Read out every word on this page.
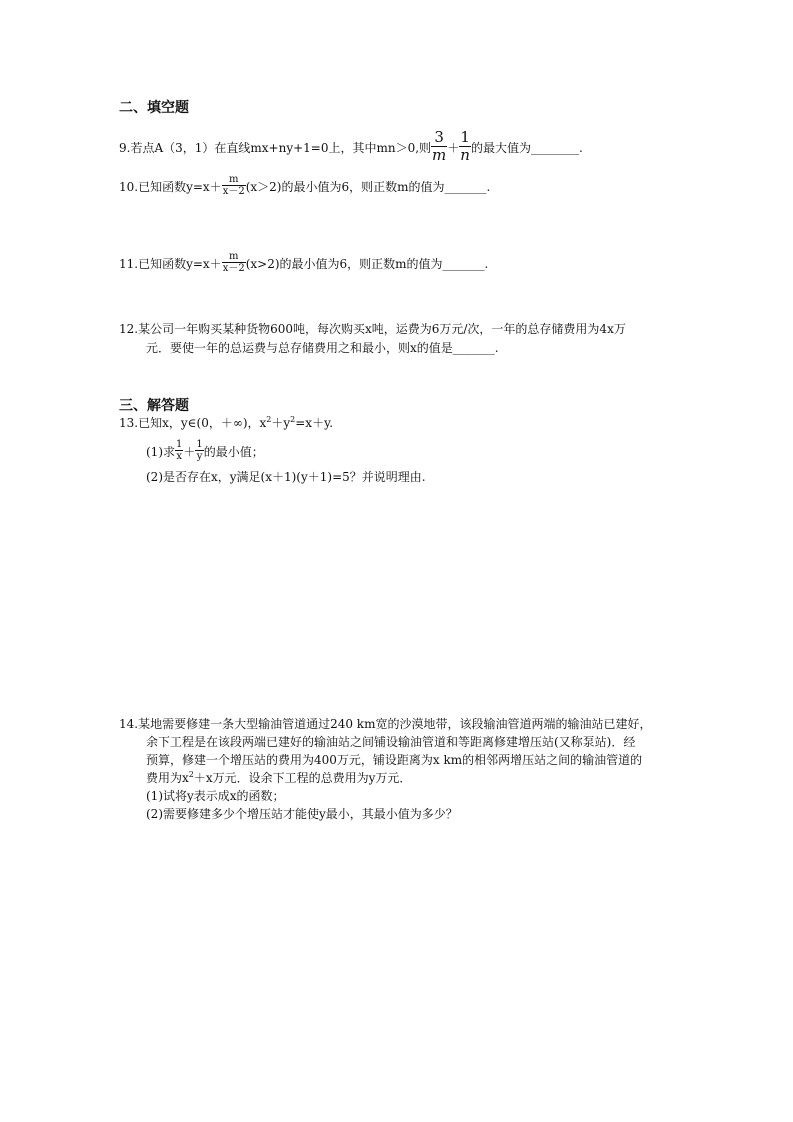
二、填空题
9.若点A（3，1）在直线mx+ny+1=0上，其中mn＞0,则 $\frac{3}{m} + \frac{1}{n}$ 的最大值为________.
10.已知函数$y=x+ \frac{m}{x-2} (x>2)$的最小值为6，则正数m的值为_______.
11.已知函数$y=x+ \frac{m}{x-2} (x>2)$的最小值为6，则正数m的值为_______.
12.某公司一年购买某种货物600吨，每次购买x吨，运费为6万元/次，一年的总存储费用为4x万
元．要使一年的总运费与总存储费用之和最小，则x的值是_______.
三、解答题
13.已知x，y∈(0，＋∞)，$x^2+y^2=x+y$.
(1)求 $\frac{1}{x} + \frac{1}{y}$ 的最小值；
(2)是否存在x，y满足(x＋1)(y＋1)=5？并说明理由.
14.某地需要修建一条大型输油管道通过240 km宽的沙漠地带，该段输油管道两端的输油站已建好，
余下工程是在该段两端已建好的输油站之间铺设输油管道和等距离修建增压站(又称泵站)．经
预算，修建一个增压站的费用为400万元，铺设距离为x km的相邻两增压站之间的输油管道的
费用为$x^2+x$万元．设余下工程的总费用为y万元．
(1)试将y表示成x的函数；
(2)需要修建多少个增压站才能使y最小，其最小值为多少？
